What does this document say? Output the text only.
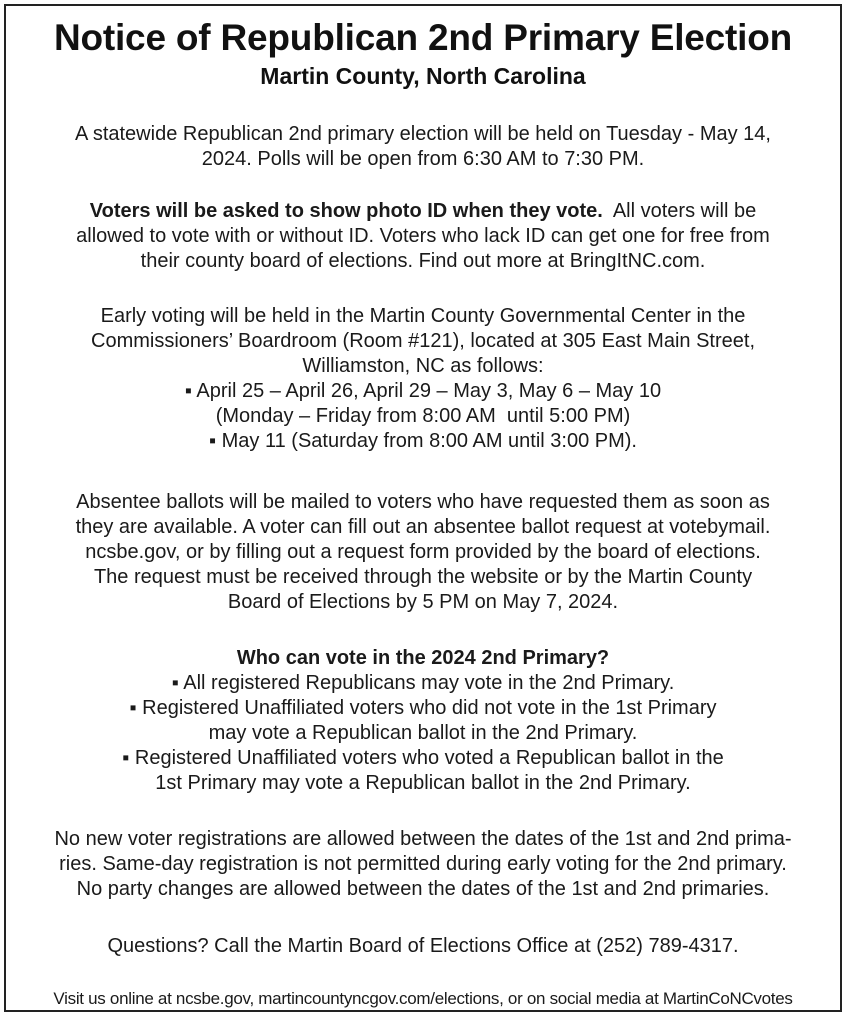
Notice of Republican 2nd Primary Election
Martin County, North Carolina
A statewide Republican 2nd primary election will be held on Tuesday - May 14,
2024. Polls will be open from 6:30 AM to 7:30 PM.
Voters will be asked to show photo ID when they vote.  All voters will be
allowed to vote with or without ID. Voters who lack ID can get one for free from
their county board of elections. Find out more at BringItNC.com.
Early voting will be held in the Martin County Governmental Center in the
Commissioners’ Boardroom (Room #121), located at 305 East Main Street,
Williamston, NC as follows:
▪ April 25 – April 26, April 29 – May 3, May 6 – May 10
(Monday – Friday from 8:00 AM  until 5:00 PM)
▪ May 11 (Saturday from 8:00 AM until 3:00 PM).
Absentee ballots will be mailed to voters who have requested them as soon as
they are available. A voter can fill out an absentee ballot request at votebymail.
ncsbe.gov, or by filling out a request form provided by the board of elections.
The request must be received through the website or by the Martin County
Board of Elections by 5 PM on May 7, 2024.
Who can vote in the 2024 2nd Primary?
▪ All registered Republicans may vote in the 2nd Primary.
▪ Registered Unaffiliated voters who did not vote in the 1st Primary
may vote a Republican ballot in the 2nd Primary.
▪ Registered Unaffiliated voters who voted a Republican ballot in the
1st Primary may vote a Republican ballot in the 2nd Primary.
No new voter registrations are allowed between the dates of the 1st and 2nd prima-
ries. Same-day registration is not permitted during early voting for the 2nd primary.
No party changes are allowed between the dates of the 1st and 2nd primaries.
Questions? Call the Martin Board of Elections Office at (252) 789-4317.
Visit us online at ncsbe.gov, martincountyncgov.com/elections, or on social media at MartinCoNCvotes
